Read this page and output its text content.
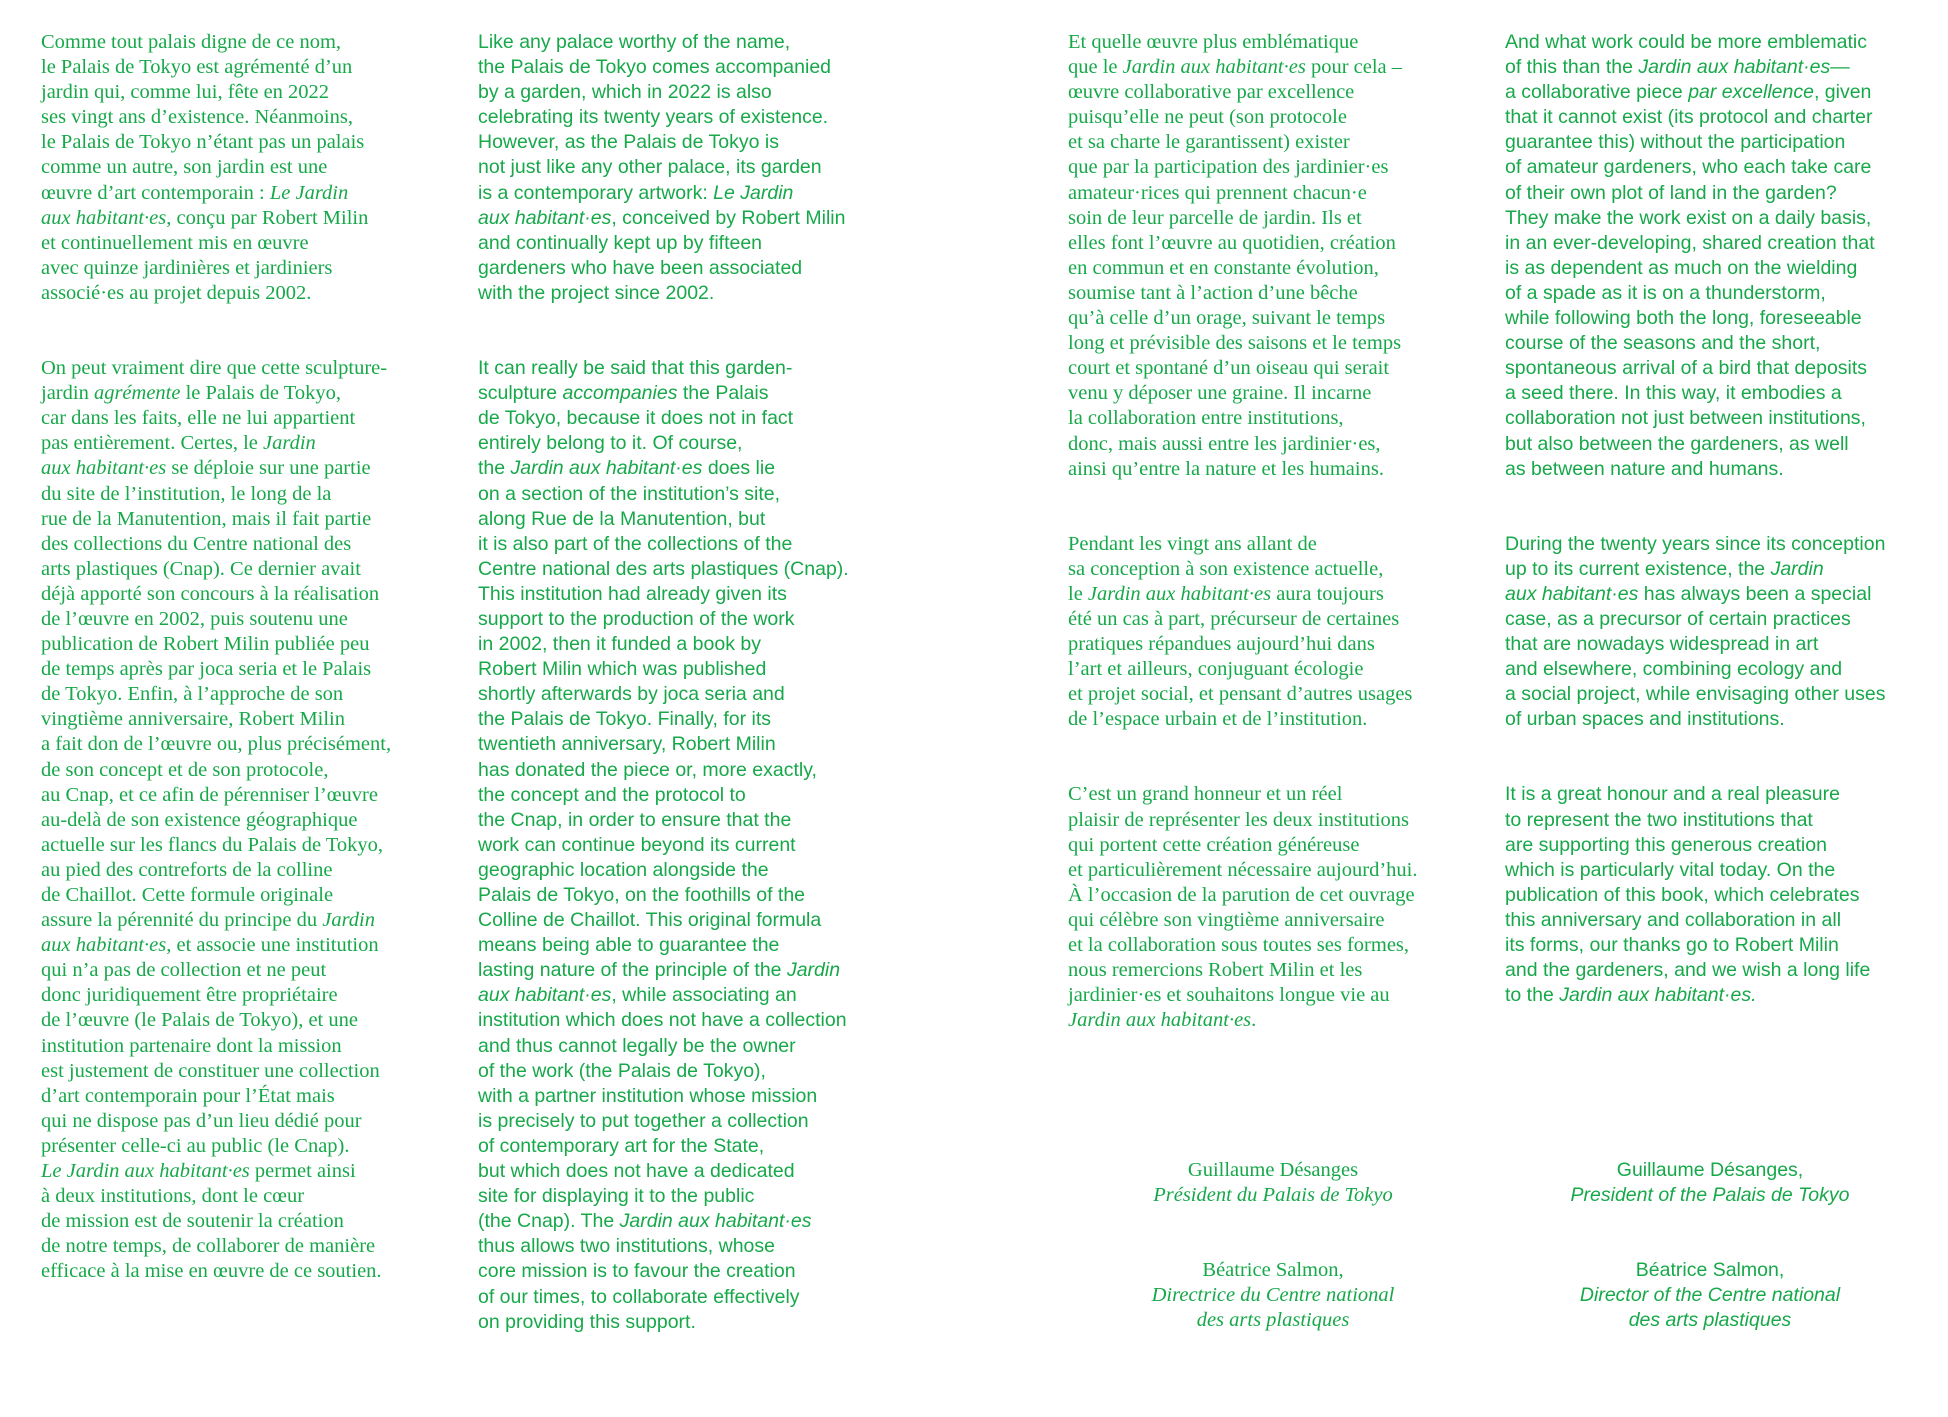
Comme tout palais digne de ce nom,
le Palais de Tokyo est agrémenté d’un
jardin qui, comme lui, fête en 2022
ses vingt ans d’existence. Néanmoins,
le Palais de Tokyo n’étant pas un palais
comme un autre, son jardin est une
œuvre d’art contemporain : Le Jardin
aux habitant·es, conçu par Robert Milin
et continuellement mis en œuvre
avec quinze jardinières et jardiniers
associé·es au projet depuis 2002.

On peut vraiment dire que cette sculpture-
jardin agrémente le Palais de Tokyo,
car dans les faits, elle ne lui appartient
pas entièrement. Certes, le Jardin
aux habitant·es se déploie sur une partie
du site de l’institution, le long de la
rue de la Manutention, mais il fait partie
des collections du Centre national des
arts plastiques (Cnap). Ce dernier avait
déjà apporté son concours à la réalisation
de l’œuvre en 2002, puis soutenu une
publication de Robert Milin publiée peu
de temps après par joca seria et le Palais
de Tokyo. Enfin, à l’approche de son
vingtième anniversaire, Robert Milin
a fait don de l’œuvre ou, plus précisément,
de son concept et de son protocole,
au Cnap, et ce afin de pérenniser l’œuvre
au-delà de son existence géographique
actuelle sur les flancs du Palais de Tokyo,
au pied des contreforts de la colline
de Chaillot. Cette formule originale
assure la pérennité du principe du Jardin
aux habitant·es, et associe une institution
qui n’a pas de collection et ne peut
donc juridiquement être propriétaire
de l’œuvre (le Palais de Tokyo), et une
institution partenaire dont la mission
est justement de constituer une collection
d’art contemporain pour l’État mais
qui ne dispose pas d’un lieu dédié pour
présenter celle-ci au public (le Cnap).
Le Jardin aux habitant·es permet ainsi
à deux institutions, dont le cœur
de mission est de soutenir la création
de notre temps, de collaborer de manière
efficace à la mise en œuvre de ce soutien.

Like any palace worthy of the name,
the Palais de Tokyo comes accompanied
by a garden, which in 2022 is also
celebrating its twenty years of existence.
However, as the Palais de Tokyo is
not just like any other palace, its garden
is a contemporary artwork: Le Jardin
aux habitant·es, conceived by Robert Milin
and continually kept up by fifteen
gardeners who have been associated
with the project since 2002.

It can really be said that this garden-
sculpture accompanies the Palais
de Tokyo, because it does not in fact
entirely belong to it. Of course,
the Jardin aux habitant·es does lie
on a section of the institution’s site,
along Rue de la Manutention, but
it is also part of the collections of the
Centre national des arts plastiques (Cnap).
This institution had already given its
support to the production of the work
in 2002, then it funded a book by
Robert Milin which was published
shortly afterwards by joca seria and
the Palais de Tokyo. Finally, for its
twentieth anniversary, Robert Milin
has donated the piece or, more exactly,
the concept and the protocol to
the Cnap, in order to ensure that the
work can continue beyond its current
geographic location alongside the
Palais de Tokyo, on the foothills of the
Colline de Chaillot. This original formula
means being able to guarantee the
lasting nature of the principle of the Jardin
aux habitant·es, while associating an
institution which does not have a collection
and thus cannot legally be the owner
of the work (the Palais de Tokyo),
with a partner institution whose mission
is precisely to put together a collection
of contemporary art for the State,
but which does not have a dedicated
site for displaying it to the public
(the Cnap). The Jardin aux habitant·es
thus allows two institutions, whose
core mission is to favour the creation
of our times, to collaborate effectively
on providing this support.

Et quelle œuvre plus emblématique
que le Jardin aux habitant·es pour cela –
œuvre collaborative par excellence
puisqu’elle ne peut (son protocole
et sa charte le garantissent) exister
que par la participation des jardinier·es
amateur·rices qui prennent chacun·e
soin de leur parcelle de jardin. Ils et
elles font l’œuvre au quotidien, création
en commun et en constante évolution,
soumise tant à l’action d’une bêche
qu’à celle d’un orage, suivant le temps
long et prévisible des saisons et le temps
court et spontané d’un oiseau qui serait
venu y déposer une graine. Il incarne
la collaboration entre institutions,
donc, mais aussi entre les jardinier·es,
ainsi qu’entre la nature et les humains.

Pendant les vingt ans allant de
sa conception à son existence actuelle,
le Jardin aux habitant·es aura toujours
été un cas à part, précurseur de certaines
pratiques répandues aujourd’hui dans
l’art et ailleurs, conjuguant écologie
et projet social, et pensant d’autres usages
de l’espace urbain et de l’institution.

C’est un grand honneur et un réel
plaisir de représenter les deux institutions
qui portent cette création généreuse
et particulièrement nécessaire aujourd’hui.
À l’occasion de la parution de cet ouvrage
qui célèbre son vingtième anniversaire
et la collaboration sous toutes ses formes,
nous remercions Robert Milin et les
jardinier·es et souhaitons longue vie au
Jardin aux habitant·es.

And what work could be more emblematic
of this than the Jardin aux habitant·es—
a collaborative piece par excellence, given
that it cannot exist (its protocol and charter
guarantee this) without the participation
of amateur gardeners, who each take care
of their own plot of land in the garden?
They make the work exist on a daily basis,
in an ever-developing, shared creation that
is as dependent as much on the wielding
of a spade as it is on a thunderstorm,
while following both the long, foreseeable
course of the seasons and the short,
spontaneous arrival of a bird that deposits
a seed there. In this way, it embodies a
collaboration not just between institutions,
but also between the gardeners, as well
as between nature and humans.

During the twenty years since its conception
up to its current existence, the Jardin
aux habitant·es has always been a special
case, as a precursor of certain practices
that are nowadays widespread in art
and elsewhere, combining ecology and
a social project, while envisaging other uses
of urban spaces and institutions.

It is a great honour and a real pleasure
to represent the two institutions that
are supporting this generous creation
which is particularly vital today. On the
publication of this book, which celebrates
this anniversary and collaboration in all
its forms, our thanks go to Robert Milin
and the gardeners, and we wish a long life
to the Jardin aux habitant·es.

Guillaume Désanges
Président du Palais de Tokyo
Béatrice Salmon,
Directrice du Centre national
des arts plastiques
Guillaume Désanges,
President of the Palais de Tokyo
Béatrice Salmon,
Director of the Centre national
des arts plastiques
